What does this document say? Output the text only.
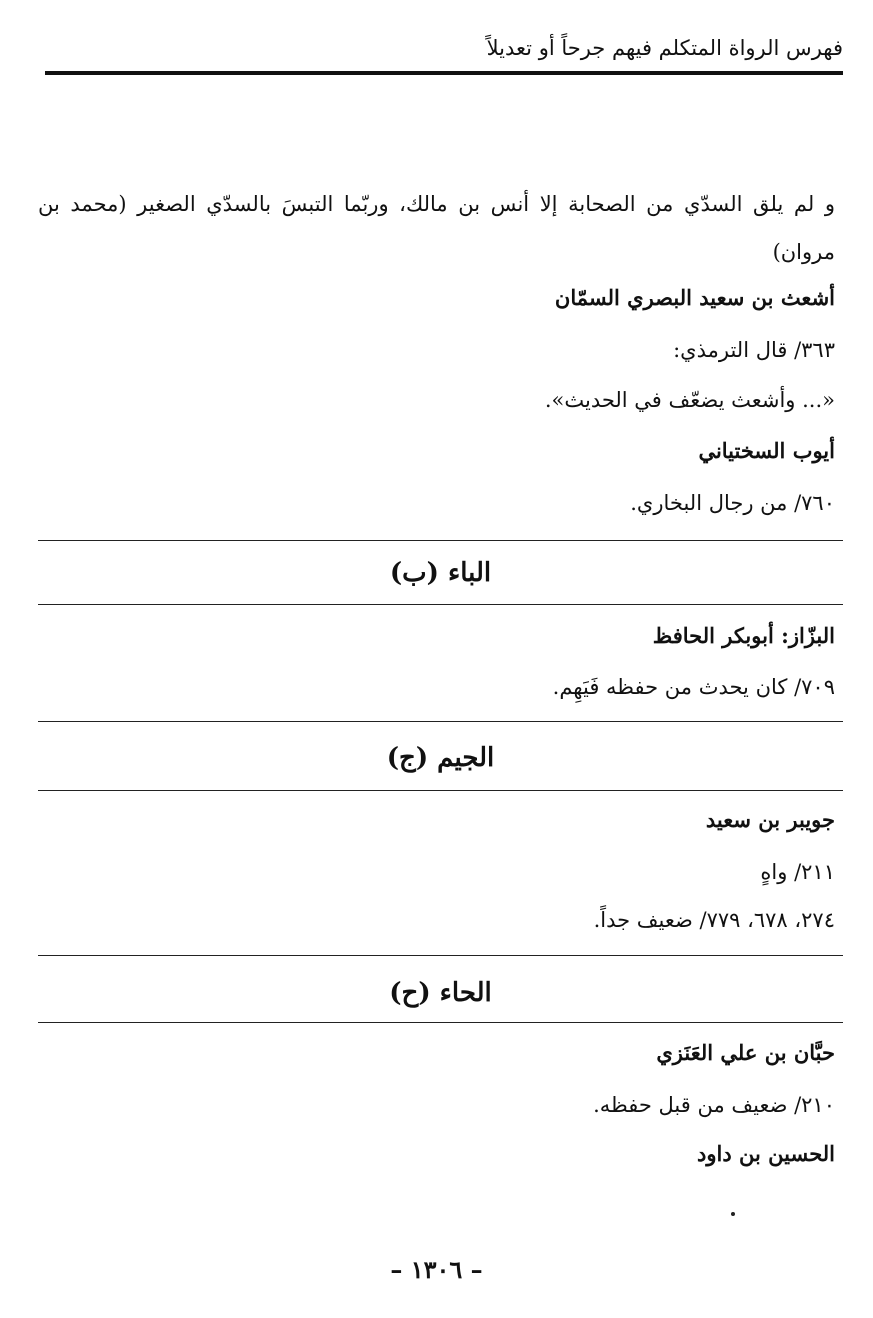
فهرس الرواة المتكلم فيهم جرحاً أو تعديلاً
و لم يلق السدّي من الصحابة إلا أنس بن مالك، وربّما التبسَ بالسدّي الصغير (محمد بن مروان)
أشعث بن سعيد البصري السمّان
٣٦٣/ قال الترمذي:
«... وأشعث يضعّف في الحديث».
أيوب السختياني
٧٦٠/ من رجال البخاري.
الباء (ب)
البزّاز: أبوبكر الحافظ
٧٠٩/ كان يحدث من حفظه فَيَهِم.
الجيم (ج)
جويبر بن سعيد
٢١١/ واهٍ
٢٧٤، ٦٧٨، ٧٧٩/ ضعيف جداً.
الحاء (ح)
حبَّان بن علي العَنَزي
٢١٠/ ضعيف من قبل حفظه.
الحسين بن داود
– ١٣٠٦ –
